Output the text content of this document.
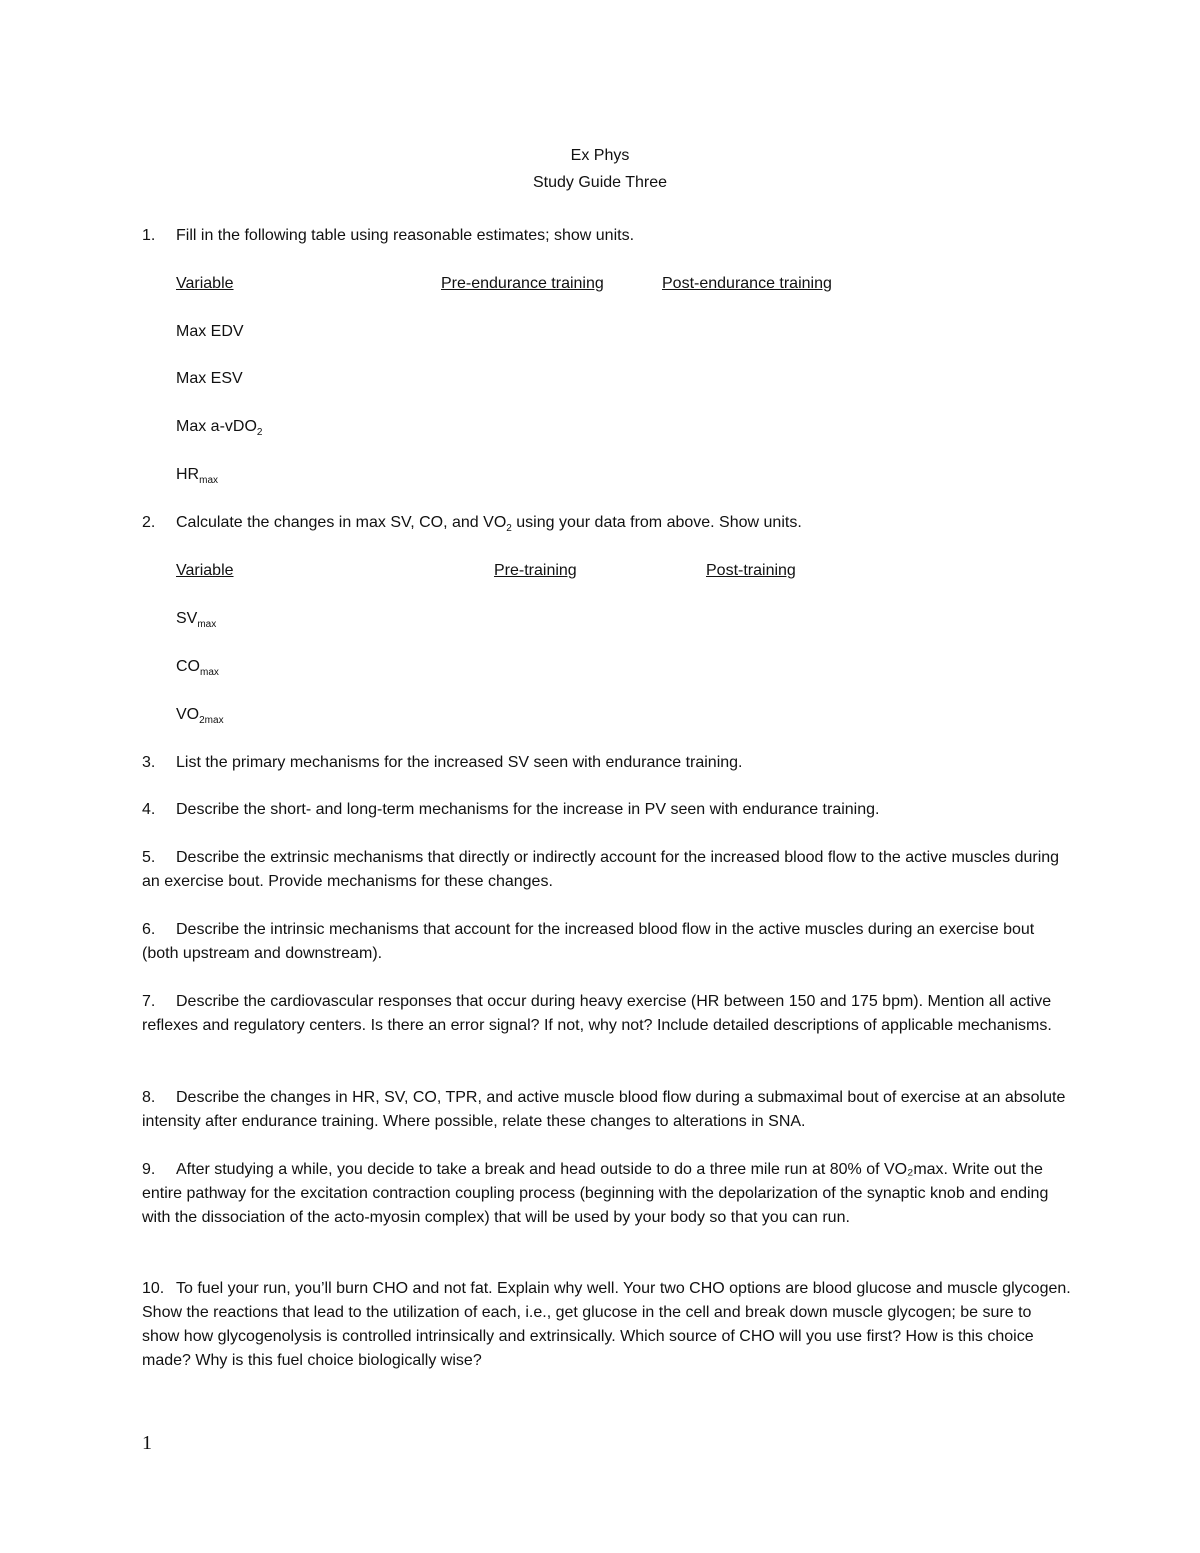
Ex Phys
Study Guide Three
1. Fill in the following table using reasonable estimates; show units.
Variable	Pre-endurance training	Post-endurance training
Max EDV
Max ESV
Max a-vDO$_2$
$HR_{max}$
2. Calculate the changes in max SV, CO, and $VO_2$ using your data from above. Show units.
Variable	Pre-training	Post-training
$SV_{max}$
$CO_{max}$
$VO_{2max}$
3. List the primary mechanisms for the increased SV seen with endurance training.
4. Describe the short- and long-term mechanisms for the increase in PV seen with endurance training.
5. Describe the extrinsic mechanisms that directly or indirectly account for the increased blood flow to the active muscles during an exercise bout. Provide mechanisms for these changes.
6. Describe the intrinsic mechanisms that account for the increased blood flow in the active muscles during an exercise bout (both upstream and downstream).
7. Describe the cardiovascular responses that occur during heavy exercise (HR between 150 and 175 bpm). Mention all active reflexes and regulatory centers. Is there an error signal? If not, why not? Include detailed descriptions of applicable mechanisms.
8. Describe the changes in HR, SV, CO, TPR, and active muscle blood flow during a submaximal bout of exercise at an absolute intensity after endurance training. Where possible, relate these changes to alterations in SNA.
9. After studying a while, you decide to take a break and head outside to do a three mile run at 80% of VO₂max. Write out the entire pathway for the excitation contraction coupling process (beginning with the depolarization of the synaptic knob and ending with the dissociation of the acto-myosin complex) that will be used by your body so that you can run.
10. To fuel your run, you’ll burn CHO and not fat. Explain why well. Your two CHO options are blood glucose and muscle glycogen. Show the reactions that lead to the utilization of each, i.e., get glucose in the cell and break down muscle glycogen; be sure to show how glycogenolysis is controlled intrinsically and extrinsically. Which source of CHO will you use first? How is this choice made? Why is this fuel choice biologically wise?
1
